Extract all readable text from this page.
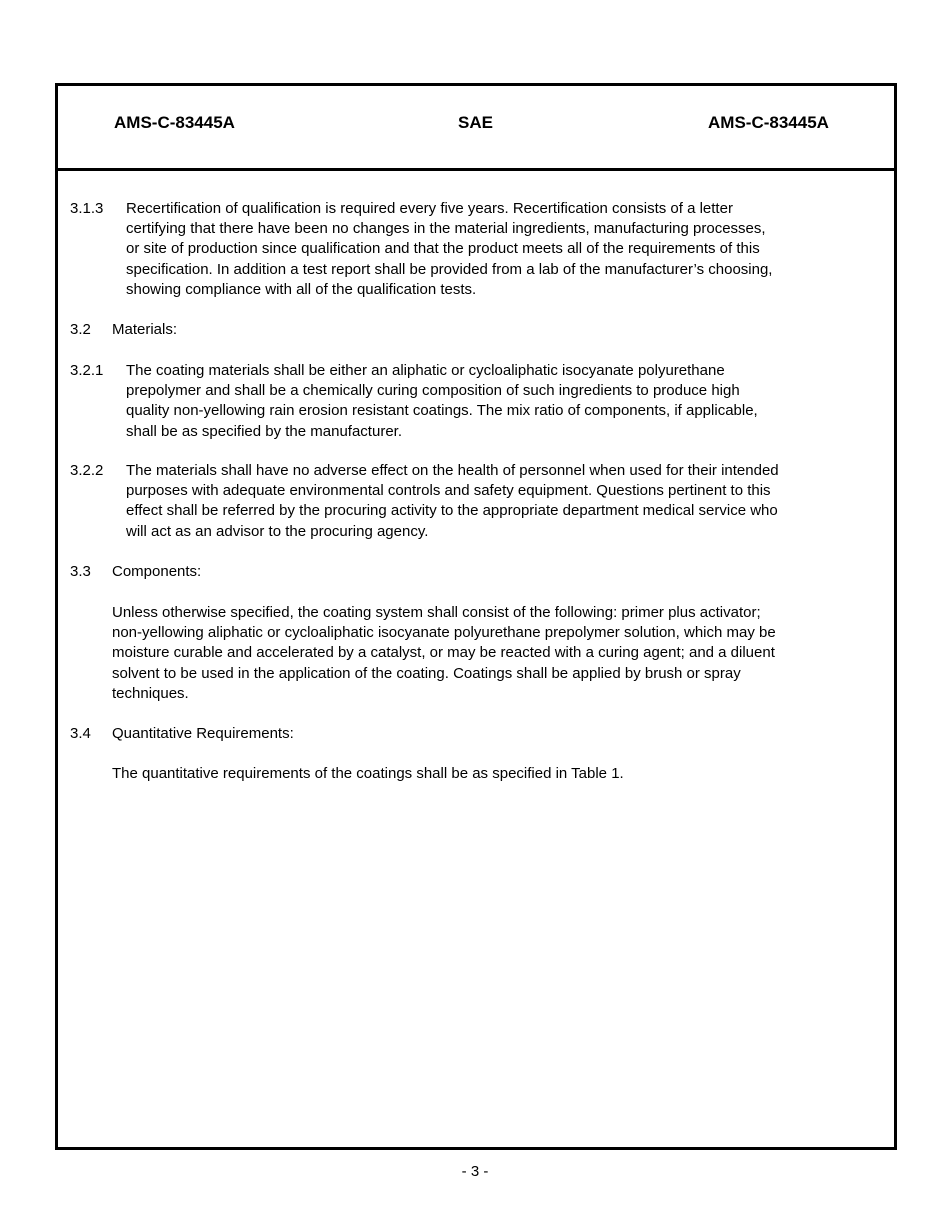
AMS-C-83445A	SAE	AMS-C-83445A
3.1.3 Recertification of qualification is required every five years. Recertification consists of a letter
certifying that there have been no changes in the material ingredients, manufacturing processes,
or site of production since qualification and that the product meets all of the requirements of this
specification. In addition a test report shall be provided from a lab of the manufacturer’s choosing,
showing compliance with all of the qualification tests.
3.2 Materials:
3.2.1 The coating materials shall be either an aliphatic or cycloaliphatic isocyanate polyurethane
prepolymer and shall be a chemically curing composition of such ingredients to produce high
quality non-yellowing rain erosion resistant coatings. The mix ratio of components, if applicable,
shall be as specified by the manufacturer.
3.2.2 The materials shall have no adverse effect on the health of personnel when used for their intended
purposes with adequate environmental controls and safety equipment. Questions pertinent to this
effect shall be referred by the procuring activity to the appropriate department medical service who
will act as an advisor to the procuring agency.
3.3 Components:
Unless otherwise specified, the coating system shall consist of the following: primer plus activator;
non-yellowing aliphatic or cycloaliphatic isocyanate polyurethane prepolymer solution, which may be
moisture curable and accelerated by a catalyst, or may be reacted with a curing agent; and a diluent
solvent to be used in the application of the coating. Coatings shall be applied by brush or spray
techniques.
3.4 Quantitative Requirements:
The quantitative requirements of the coatings shall be as specified in Table 1.
- 3 -
